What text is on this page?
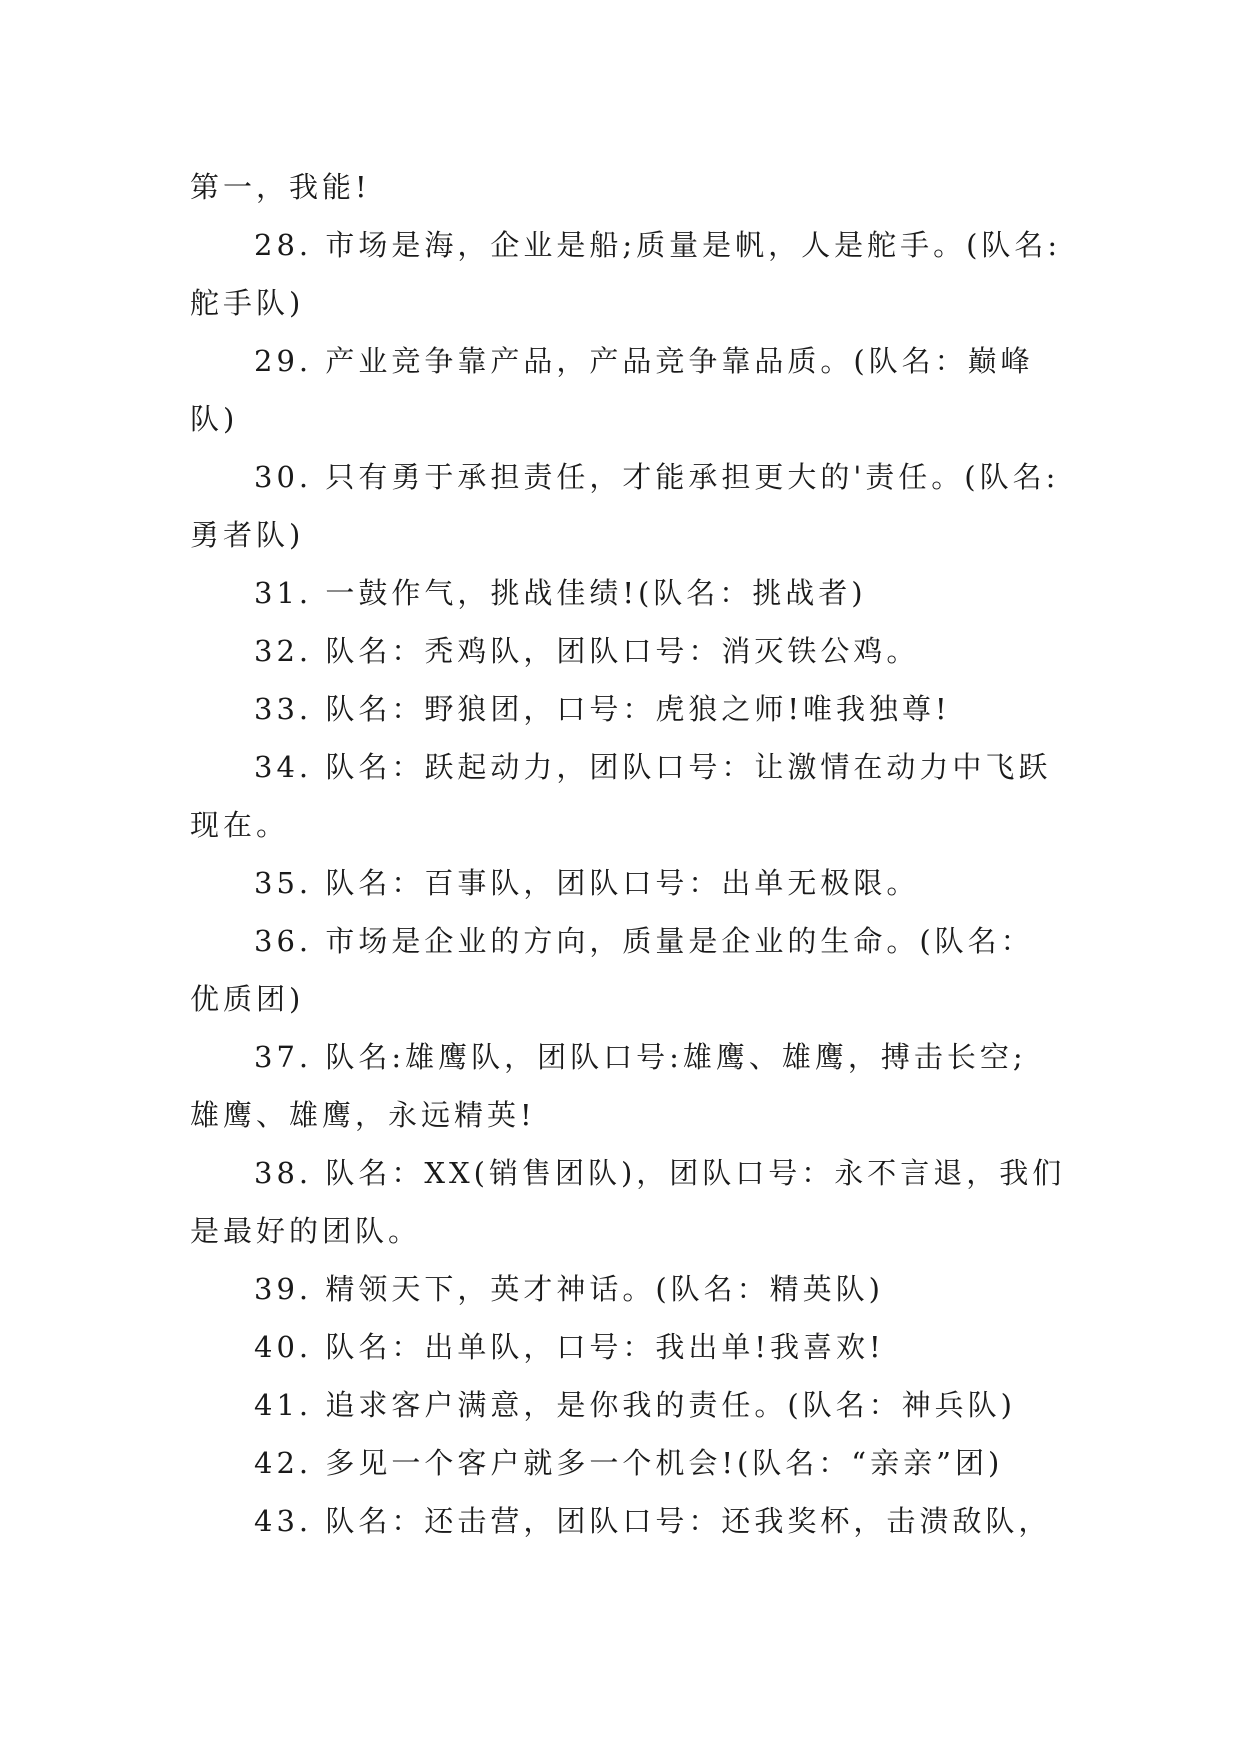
第一，我能!
28. 市场是海，企业是船;质量是帆，人是舵手。(队名:
舵手队)
29. 产业竞争靠产品，产品竞争靠品质。(队名：巅峰
队)
30. 只有勇于承担责任，才能承担更大的'责任。(队名:
勇者队)
31. 一鼓作气，挑战佳绩!(队名：挑战者)
32. 队名：秃鸡队，团队口号：消灭铁公鸡。
33. 队名：野狼团，口号：虎狼之师!唯我独尊!
34. 队名：跃起动力，团队口号：让激情在动力中飞跃
现在。
35. 队名：百事队，团队口号：出单无极限。
36. 市场是企业的方向，质量是企业的生命。(队名：
优质团)
37. 队名:雄鹰队，团队口号:雄鹰、雄鹰，搏击长空;
雄鹰、雄鹰，永远精英!
38. 队名：XX(销售团队)，团队口号：永不言退，我们
是最好的团队。
39. 精领天下，英才神话。(队名：精英队)
40. 队名：出单队，口号：我出单!我喜欢!
41. 追求客户满意，是你我的责任。(队名：神兵队)
42. 多见一个客户就多一个机会!(队名：“亲亲”团)
43. 队名：还击营，团队口号：还我奖杯，击溃敌队，
